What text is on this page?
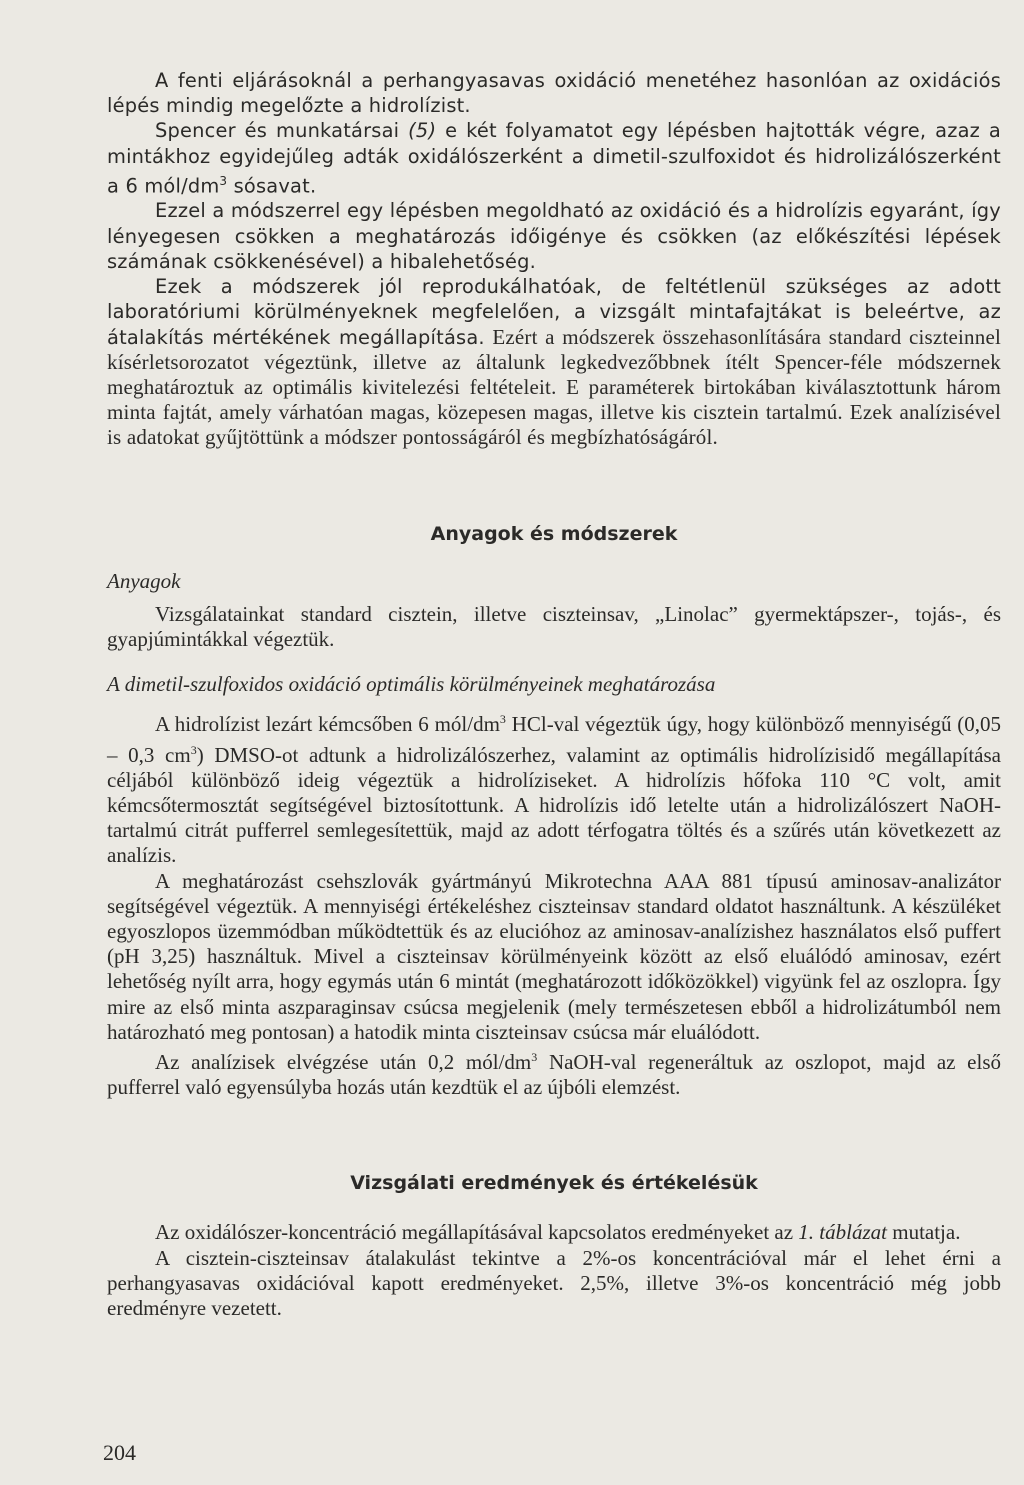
A fenti eljárásoknál a perhangyasavas oxidáció menetéhez hasonlóan az oxidációs lépés mindig megelőzte a hidrolízist.

Spencer és munkatársai (5) e két folyamatot egy lépésben hajtották végre, azaz a mintákhoz egyidejűleg adták oxidálószerként a dimetil-szulfoxidot és hidrolizálószerként a 6 mól/$dm^3$ sósavat.

Ezzel a módszerrel egy lépésben megoldható az oxidáció és a hidrolízis egyaránt, így lényegesen csökken a meghatározás időigénye és csökken (az előkészítési lépések számának csökkenésével) a hibalehetőség.

Ezek a módszerek jól reprodukálhatóak, de feltétlenül szükséges az adott laboratóriumi körülményeknek megfelelően, a vizsgált mintafajtákat is beleértve, az átalakítás mértékének megállapítása. Ezért a módszerek összehasonlítására standard ciszteinnel kísérletsorozatot végeztünk, illetve az általunk legkedvezőbbnek ítélt Spencer-féle módszernek meghatároztuk az optimális kivitelezési feltételeit. E paraméterek birtokában kiválasztottunk három minta fajtát, amely várhatóan magas, közepesen magas, illetve kis cisztein tartalmú. Ezek analízisével is adatokat gyűjtöttünk a módszer pontosságáról és megbízhatóságáról.

Anyagok és módszerek

Anyagok

Vizsgálatainkat standard cisztein, illetve ciszteinsav, „Linolac” gyermektápszer-, tojás-, és gyapjúmintákkal végeztük.

A dimetil-szulfoxidos oxidáció optimális körülményeinek meghatározása

A hidrolízist lezárt kémcsőben 6 mól/$dm^3$ HCl-val végeztük úgy, hogy különböző mennyiségű (0,05 – 0,3 $cm^3$) DMSO-ot adtunk a hidrolizálószerhez, valamint az optimális hidrolízisidő megállapítása céljából különböző ideig végeztük a hidrolíziseket. A hidrolízis hőfoka 110 °C volt, amit kémcsőtermosztát segítségével biztosítottunk. A hidrolízis idő letelte után a hidrolizálószert NaOH-tartalmú citrát pufferrel semlegesítettük, majd az adott térfogatra töltés és a szűrés után következett az analízis.

A meghatározást csehszlovák gyártmányú Mikrotechna AAA 881 típusú aminosav-analizátor segítségével végeztük. A mennyiségi értékeléshez ciszteinsav standard oldatot használtunk. A készüléket egyoszlopos üzemmódban működtettük és az elucióhoz az aminosav-analízishez használatos első puffert (pH 3,25) használtuk. Mivel a ciszteinsav körülményeink között az első eluálódó aminosav, ezért lehetőség nyílt arra, hogy egymás után 6 mintát (meghatározott időközökkel) vigyünk fel az oszlopra. Így mire az első minta aszparaginsav csúcsa megjelenik (mely természetesen ebből a hidrolizátumból nem határozható meg pontosan) a hatodik minta ciszteinsav csúcsa már eluálódott.

Az analízisek elvégzése után 0,2 mól/$dm^3$ NaOH-val regeneráltuk az oszlopot, majd az első pufferrel való egyensúlyba hozás után kezdtük el az újbóli elemzést.

Vizsgálati eredmények és értékelésük

Az oxidálószer-koncentráció megállapításával kapcsolatos eredményeket az 1. táblázat mutatja.

A cisztein-ciszteinsav átalakulást tekintve a 2%-os koncentrációval már el lehet érni a perhangyasavas oxidációval kapott eredményeket. 2,5%, illetve 3%-os koncentráció még jobb eredményre vezetett.

204
